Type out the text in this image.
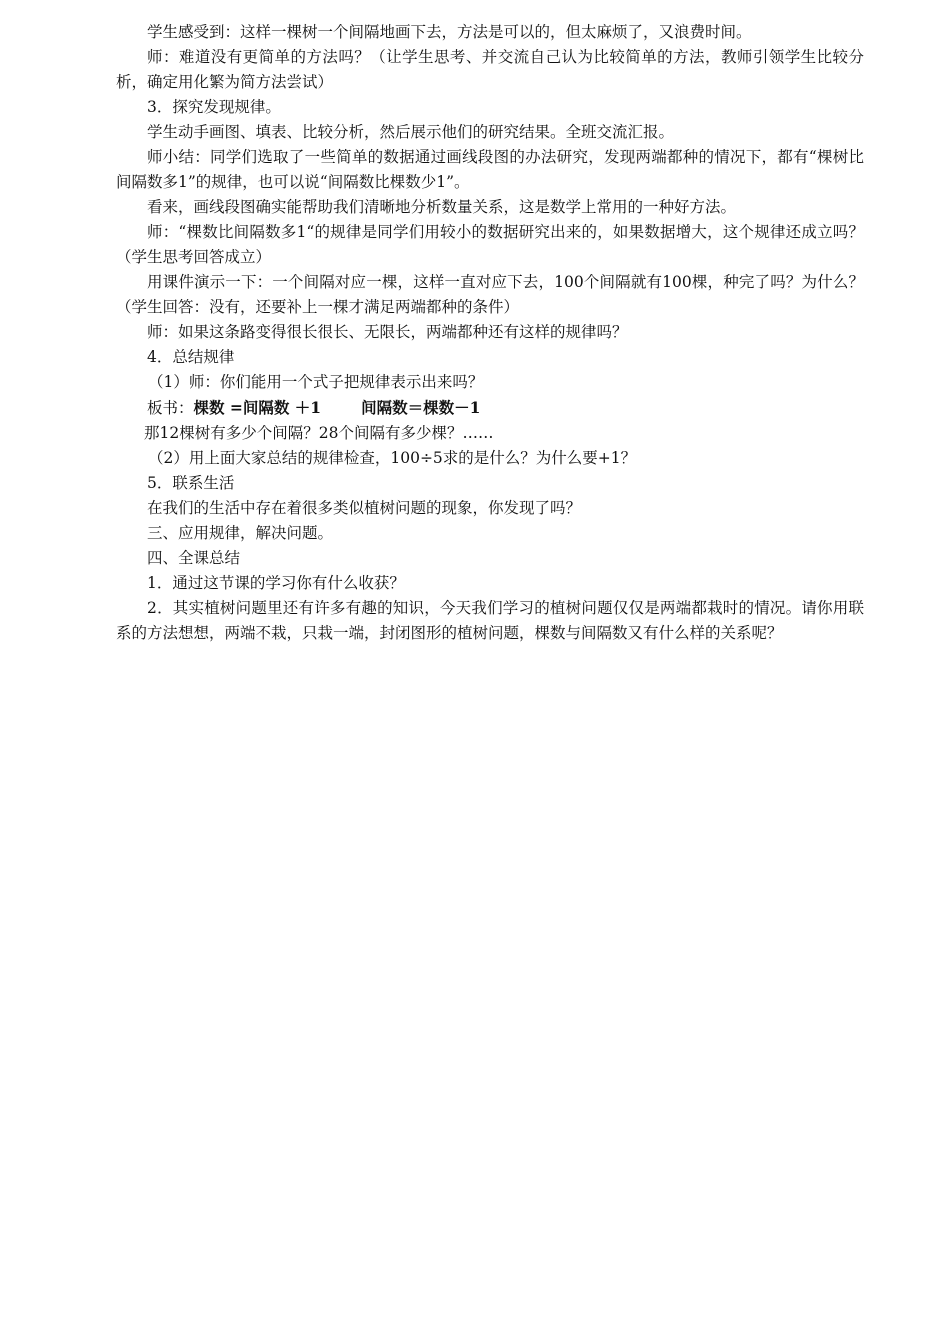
学生感受到：这样一棵树一个间隔地画下去，方法是可以的，但太麻烦了，又浪费时间。

师：难道没有更简单的方法吗？（让学生思考、并交流自己认为比较简单的方法，教师引领学生比较分析，确定用化繁为简方法尝试）

3．探究发现规律。

学生动手画图、填表、比较分析，然后展示他们的研究结果。全班交流汇报。

师小结：同学们选取了一些简单的数据通过画线段图的办法研究，发现两端都种的情况下，都有“棵树比间隔数多1”的规律，也可以说“间隔数比棵数少1”。

看来，画线段图确实能帮助我们清晰地分析数量关系，这是数学上常用的一种好方法。

师：“棵数比间隔数多1“的规律是同学们用较小的数据研究出来的，如果数据增大，这个规律还成立吗？（学生思考回答成立）

用课件演示一下：一个间隔对应一棵，这样一直对应下去，100个间隔就有100棵，种完了吗？为什么？（学生回答：没有，还要补上一棵才满足两端都种的条件）

师：如果这条路变得很长很长、无限长，两端都种还有这样的规律吗？

4．总结规律

（1）师：你们能用一个式子把规律表示出来吗？

板书：棵数 =间隔数 ＋1	间隔数＝棵数－1

那12棵树有多少个间隔？28个间隔有多少棵？……

（2）用上面大家总结的规律检查，100÷5求的是什么？为什么要+1？

5．联系生活

在我们的生活中存在着很多类似植树问题的现象，你发现了吗？

三、应用规律，解决问题。

四、全课总结

1．通过这节课的学习你有什么收获？

2．其实植树问题里还有许多有趣的知识，今天我们学习的植树问题仅仅是两端都栽时的情况。请你用联系的方法想想，两端不栽，只栽一端，封闭图形的植树问题，棵数与间隔数又有什么样的关系呢？
